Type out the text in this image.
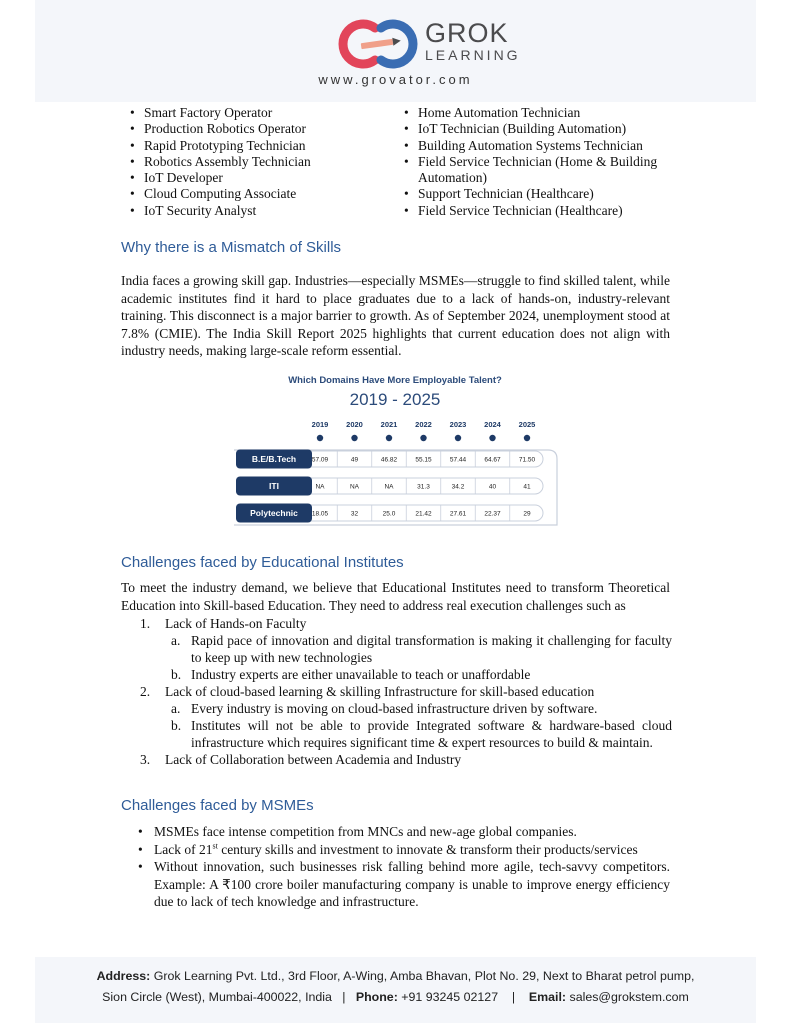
GROK
LEARNING
www.grovator.com
• Smart Factory Operator
• Production Robotics Operator
• Rapid Prototyping Technician
• Robotics Assembly Technician
• IoT Developer
• Cloud Computing Associate
• IoT Security Analyst
• Home Automation Technician
• IoT Technician (Building Automation)
• Building Automation Systems Technician
• Field Service Technician (Home & Building Automation)
• Support Technician (Healthcare)
• Field Service Technician (Healthcare)
Why there is a Mismatch of Skills

India faces a growing skill gap. Industries—especially MSMEs—struggle to find skilled talent, while academic institutes find it hard to place graduates due to a lack of hands-on, industry-relevant training. This disconnect is a major barrier to growth. As of September 2024, unemployment stood at 7.8% (CMIE). The India Skill Report 2025 highlights that current education does not align with industry needs, making large-scale reform essential.

Which Domains Have More Employable Talent?
2019 - 2025
2019 2020 2021 2022 2023 2024 2025
B.E/B.Tech 57.09	49	46.82	55.15	57.44	64.67	71.50
ITI	NA	NA	NA	31.3	34.2	40	41
Polytechnic 18.05	32	25.0	21.42	27.61	22.37	29
Challenges faced by Educational Institutes

To meet the industry demand, we believe that Educational Institutes need to transform Theoretical Education into Skill-based Education. They need to address real execution challenges such as

1. Lack of Hands-on Faculty
a. Rapid pace of innovation and digital transformation is making it challenging for faculty to keep up with new technologies
b. Industry experts are either unavailable to teach or unaffordable
2. Lack of cloud-based learning & skilling Infrastructure for skill-based education
a. Every industry is moving on cloud-based infrastructure driven by software.
b. Institutes will not be able to provide Integrated software & hardware-based cloud infrastructure which requires significant time & expert resources to build & maintain.
3. Lack of Collaboration between Academia and Industry
Challenges faced by MSMEs
• MSMEs face intense competition from MNCs and new-age global companies.
• Lack of 21st century skills and investment to innovate & transform their products/services
• Without innovation, such businesses risk falling behind more agile, tech-savvy competitors. Example: A ₹100 crore boiler manufacturing company is unable to improve energy efficiency due to lack of tech knowledge and infrastructure.
Address: Grok Learning Pvt. Ltd., 3rd Floor, A-Wing, Amba Bhavan, Plot No. 29, Next to Bharat petrol pump,
Sion Circle (West), Mumbai-400022, India | Phone: +91 93245 02127 | Email: sales@grokstem.com
